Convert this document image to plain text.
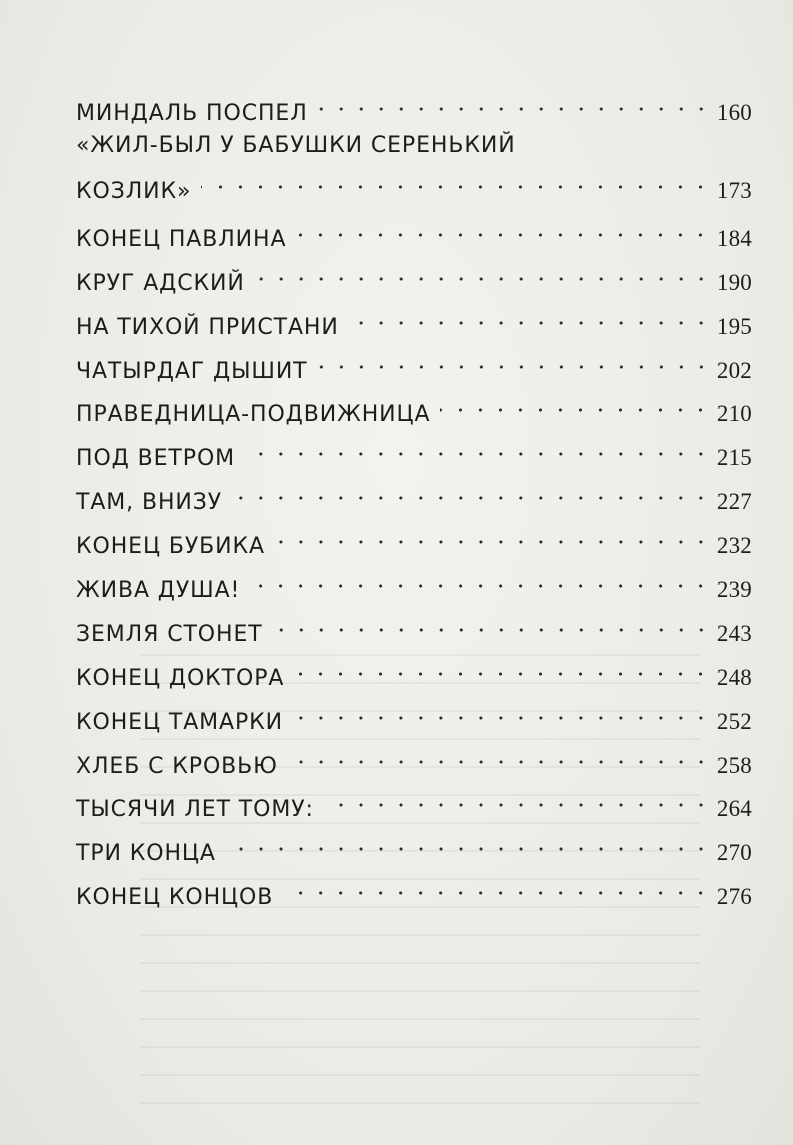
МИНДАЛЬ ПОСПЕЛ	160
«ЖИЛ-БЫЛ У БАБУШКИ СЕРЕНЬКИЙ
КОЗЛИК»	173
КОНЕЦ ПАВЛИНА	184
КРУГ АДСКИЙ	190
НА ТИХОЙ ПРИСТАНИ	195
ЧАТЫРДАГ ДЫШИТ	202
ПРАВЕДНИЦА-ПОДВИЖНИЦА	210
ПОД ВЕТРОМ	215
ТАМ, ВНИЗУ	227
КОНЕЦ БУБИКА	232
ЖИВА ДУША!	239
ЗЕМЛЯ СТОНЕТ	243
КОНЕЦ ДОКТОРА	248
КОНЕЦ ТАМАРКИ	252
ХЛЕБ С КРОВЬЮ	258
ТЫСЯЧИ ЛЕТ ТОМУ:	264
ТРИ КОНЦА	270
КОНЕЦ КОНЦОВ	276
